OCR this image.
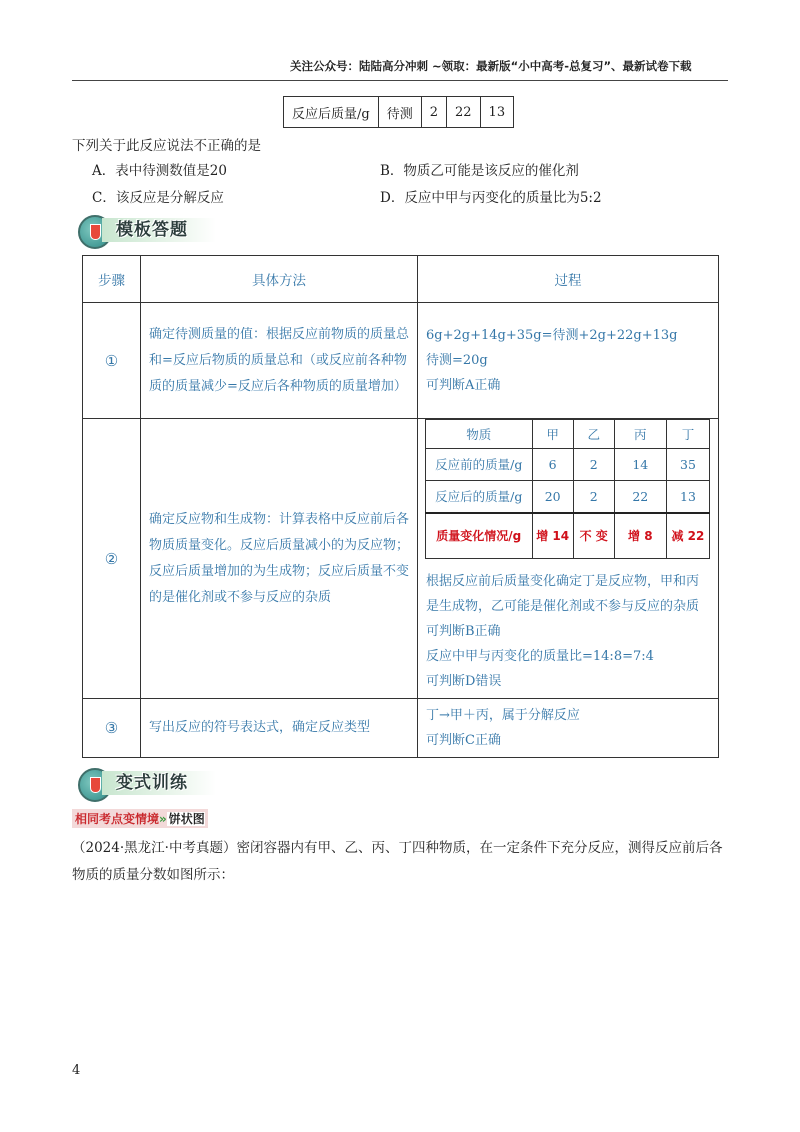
关注公众号：陆陆高分冲刺 ~领取：最新版“小中高考-总复习”、最新试卷下载
反应后质量/g	待测	2	22	13
下列关于此反应说法不正确的是
A．表中待测数值是20	B．物质乙可能是该反应的催化剂
C．该反应是分解反应	D．反应中甲与丙变化的质量比为5:2
模板答题
步骤	具体方法	过程
①	确定待测质量的值：根据反应前物质的质量总和=反应后物质的质量总和（或反应前各种物质的质量减少=反应后各种物质的质量增加）	
6g+2g+14g+35g=待测+2g+22g+13g
待测=20g
可判断A正确

②	确定反应物和生成物：计算表格中反应前后各物质质量变化。反应后质量减小的为反应物；反应后质量增加的为生成物；反应后质量不变的是催化剂或不参与反应的杂质	
物质	甲	乙	丙	丁
反应前的质量/g	6	2	14	35
反应后的质量/g	20	2	22	13
质量变化情况/g	增 14	不 变	增 8	减 22
根据反应前后质量变化确定丁是反应物，甲和丙是生成物，乙可能是催化剂或不参与反应的杂质
可判断B正确
反应中甲与丙变化的质量比=14:8=7:4
可判断D错误

③	写出反应的符号表达式，确定反应类型	
丁→甲＋丙，属于分解反应
可判断C正确
变式训练
相同考点变情境» 饼状图
（2024·黑龙江·中考真题）密闭容器内有甲、乙、丙、丁四种物质，在一定条件下充分反应，测得反应前后各物质的质量分数如图所示：
4
